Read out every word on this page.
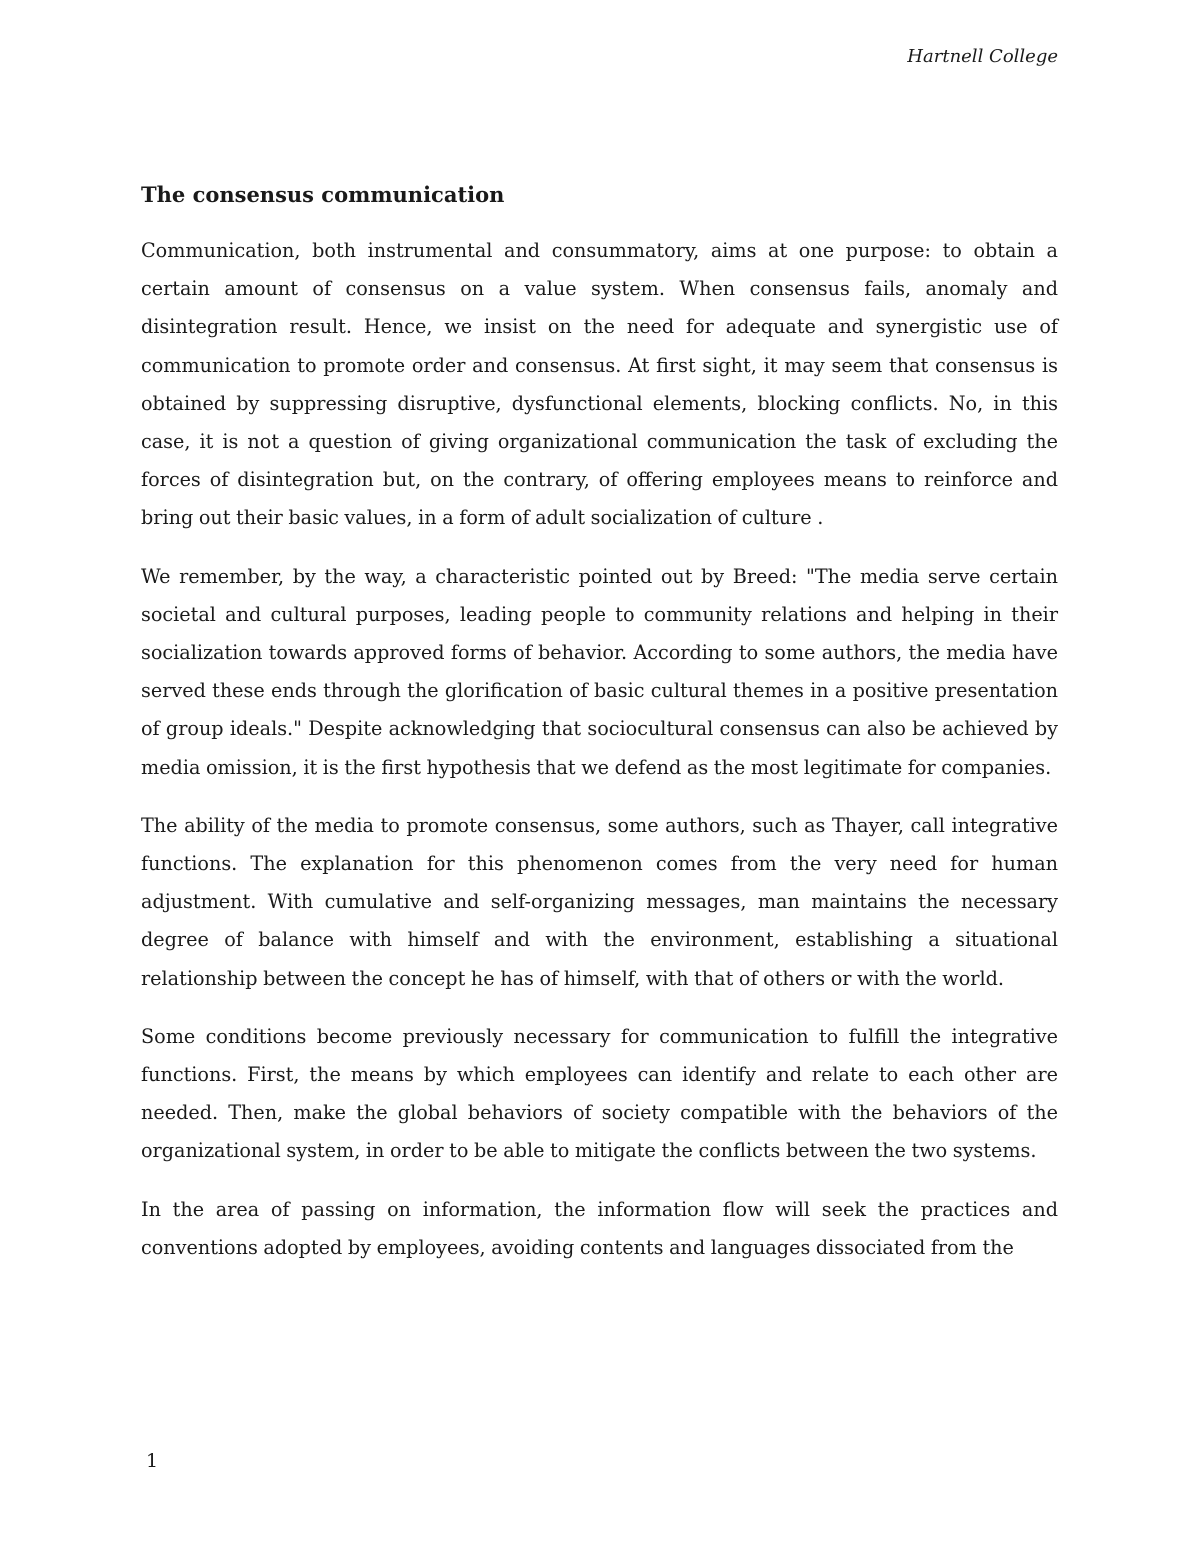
Hartnell College
The consensus communication

Communication, both instrumental and consummatory, aims at one purpose: to obtain a certain amount of consensus on a value system. When consensus fails, anomaly and disintegration result. Hence, we insist on the need for adequate and synergistic use of communication to promote order and consensus. At first sight, it may seem that consensus is obtained by suppressing disruptive, dysfunctional elements, blocking conflicts. No, in this case, it is not a question of giving organizational communication the task of excluding the forces of disintegration but, on the contrary, of offering employees means to reinforce and bring out their basic values, in a form of adult socialization of culture .

We remember, by the way, a characteristic pointed out by Breed: "The media serve certain societal and cultural purposes, leading people to community relations and helping in their socialization towards approved forms of behavior. According to some authors, the media have served these ends through the glorification of basic cultural themes in a positive presentation of group ideals." Despite acknowledging that sociocultural consensus can also be achieved by media omission, it is the first hypothesis that we defend as the most legitimate for companies.

The ability of the media to promote consensus, some authors, such as Thayer, call integrative functions. The explanation for this phenomenon comes from the very need for human adjustment. With cumulative and self-organizing messages, man maintains the necessary degree of balance with himself and with the environment, establishing a situational relationship between the concept he has of himself, with that of others or with the world.

Some conditions become previously necessary for communication to fulfill the integrative functions. First, the means by which employees can identify and relate to each other are needed. Then, make the global behaviors of society compatible with the behaviors of the organizational system, in order to be able to mitigate the conflicts between the two systems.

In the area of passing on information, the information flow will seek the practices and conventions adopted by employees, avoiding contents and languages dissociated from the

1
